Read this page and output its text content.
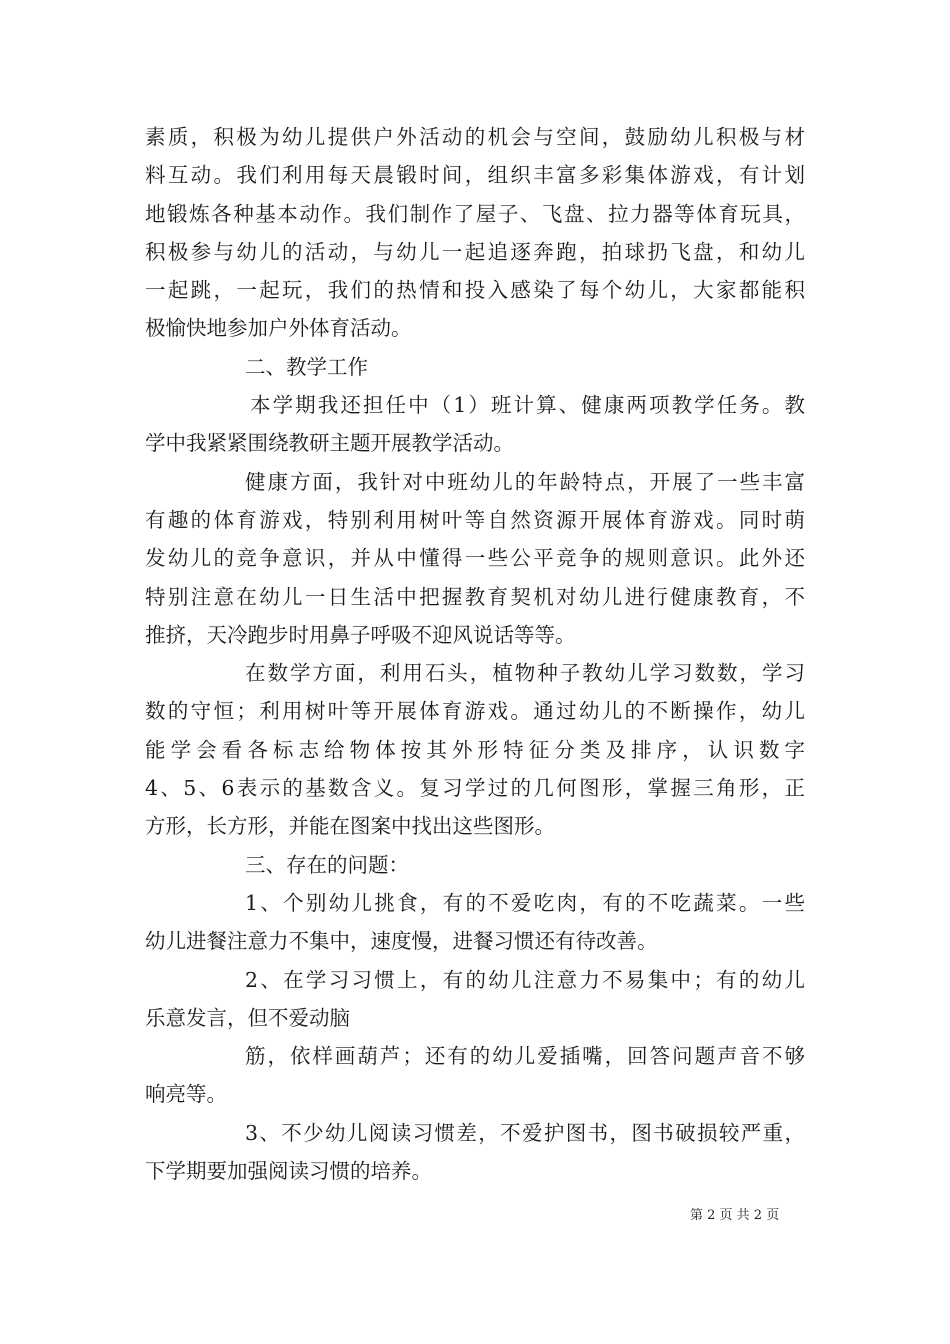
素质，积极为幼儿提供户外活动的机会与空间，鼓励幼儿积极与材
料互动。我们利用每天晨锻时间，组织丰富多彩集体游戏，有计划
地锻炼各种基本动作。我们制作了屋子、飞盘、拉力器等体育玩具，
积极参与幼儿的活动，与幼儿一起追逐奔跑，拍球扔飞盘，和幼儿
一起跳，一起玩，我们的热情和投入感染了每个幼儿，大家都能积
极愉快地参加户外体育活动。
二、教学工作
本学期我还担任中（1）班计算、健康两项教学任务。教
学中我紧紧围绕教研主题开展教学活动。
健康方面，我针对中班幼儿的年龄特点，开展了一些丰富
有趣的体育游戏，特别利用树叶等自然资源开展体育游戏。同时萌
发幼儿的竞争意识，并从中懂得一些公平竞争的规则意识。此外还
特别注意在幼儿一日生活中把握教育契机对幼儿进行健康教育，不
推挤，天冷跑步时用鼻子呼吸不迎风说话等等。
在数学方面，利用石头，植物种子教幼儿学习数数，学习
数的守恒；利用树叶等开展体育游戏。通过幼儿的不断操作，幼儿
能学会看各标志给物体按其外形特征分类及排序，认识数字
4、5、6表示的基数含义。复习学过的几何图形，掌握三角形，正
方形，长方形，并能在图案中找出这些图形。
三、存在的问题：
1、个别幼儿挑食，有的不爱吃肉，有的不吃蔬菜。一些
幼儿进餐注意力不集中，速度慢，进餐习惯还有待改善。
2、在学习习惯上，有的幼儿注意力不易集中；有的幼儿
乐意发言，但不爱动脑
筋，依样画葫芦；还有的幼儿爱插嘴，回答问题声音不够
响亮等。
3、不少幼儿阅读习惯差，不爱护图书，图书破损较严重，
下学期要加强阅读习惯的培养。
第 2 页 共 2 页
